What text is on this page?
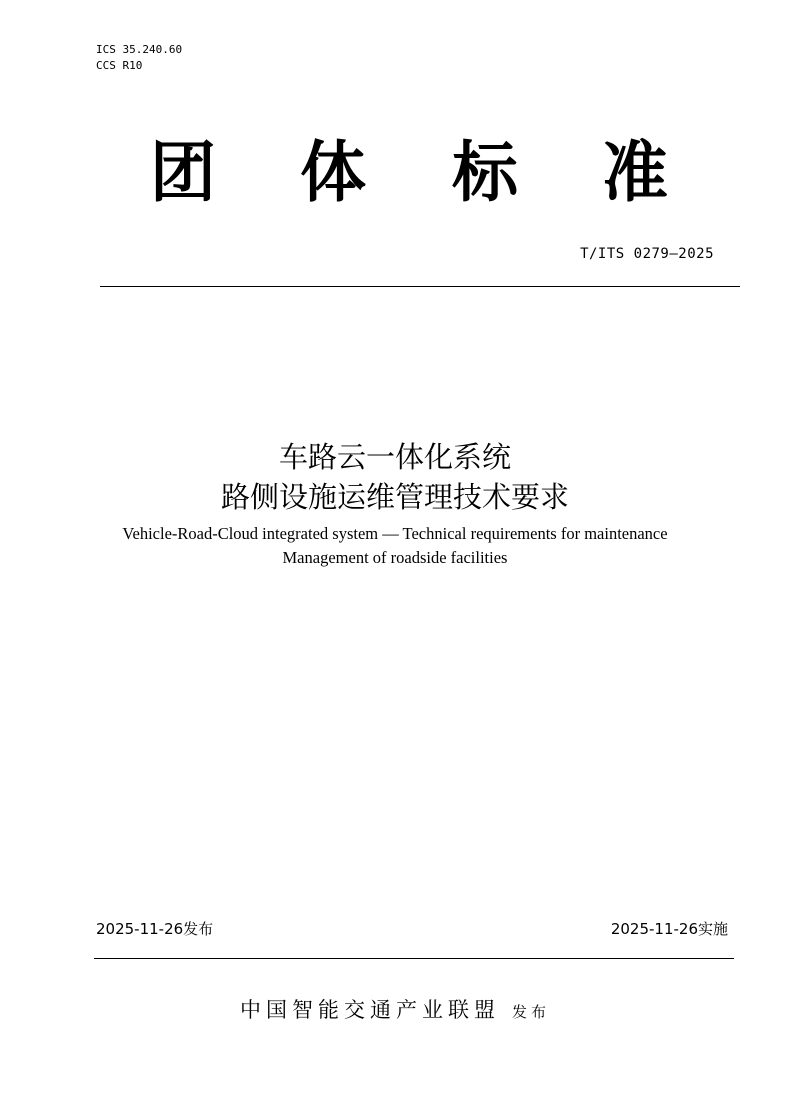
ICS 35.240.60
CCS R10
团 体 标 准
T/ITS 0279—2025
车路云一体化系统
路侧设施运维管理技术要求
Vehicle-Road-Cloud integrated system — Technical requirements for maintenance
Management of roadside facilities
2025-11-26发布	2025-11-26实施
中国智能交通产业联盟 发布
